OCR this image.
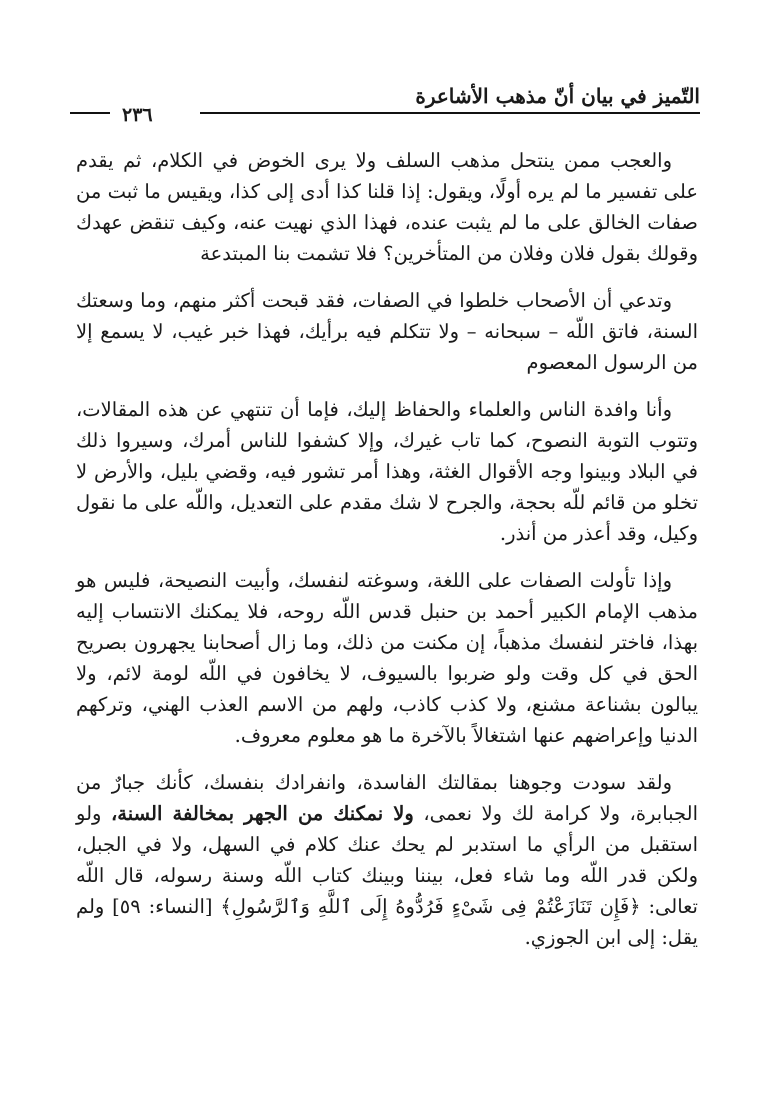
التّميز في بيان أنّ مذهب الأشاعرة
٢٣٦

والعجب ممن ينتحل مذهب السلف ولا يرى الخوض في الكلام، ثم يقدم على تفسير ما لم يره أولًا، ويقول: إذا قلنا كذا أدى إلى كذا، ويقيس ما ثبت من صفات الخالق على ما لم يثبت عنده، فهذا الذي نهيت عنه، وكيف تنقض عهدك وقولك بقول فلان وفلان من المتأخرين؟ فلا تشمت بنا المبتدعة

وتدعي أن الأصحاب خلطوا في الصفات، فقد قبحت أكثر منهم، وما وسعتك السنة، فاتق اللّه – سبحانه – ولا تتكلم فيه برأيك، فهذا خبر غيب، لا يسمع إلا من الرسول المعصوم

وأنا وافدة الناس والعلماء والحفاظ إليك، فإما أن تنتهي عن هذه المقالات، وتتوب التوبة النصوح، كما تاب غيرك، وإلا كشفوا للناس أمرك، وسيروا ذلك في البلاد وبينوا وجه الأقوال الغثة، وهذا أمر تشور فيه، وقضي بليل، والأرض لا تخلو من قائم للّه بحجة، والجرح لا شك مقدم على التعديل، واللّه على ما نقول وكيل، وقد أعذر من أنذر.

وإذا تأولت الصفات على اللغة، وسوغته لنفسك، وأبيت النصيحة، فليس هو مذهب الإمام الكبير أحمد بن حنبل قدس اللّه روحه، فلا يمكنك الانتساب إليه بهذا، فاختر لنفسك مذهباً، إن مكنت من ذلك، وما زال أصحابنا يجهرون بصريح الحق في كل وقت ولو ضربوا بالسيوف، لا يخافون في اللّه لومة لائم، ولا يبالون بشناعة مشنع، ولا كذب كاذب، ولهم من الاسم العذب الهني، وتركهم الدنيا وإعراضهم عنها اشتغالاً بالآخرة ما هو معلوم معروف.

ولقد سودت وجوهنا بمقالتك الفاسدة، وانفرادك بنفسك، كأنك جبارٌ من الجبابرة، ولا كرامة لك ولا نعمى، ولا نمكنك من الجهر بمخالفة السنة، ولو استقبل من الرأي ما استدبر لم يحك عنك كلام في السهل، ولا في الجبل، ولكن قدر اللّه وما شاء فعل، بيننا وبينك كتاب اللّه وسنة رسوله، قال اللّه تعالى: ﴿فَإِن تَنَازَعْتُمْ فِى شَىْءٍ فَرُدُّوهُ إِلَى ٱللَّهِ وَٱلرَّسُولِ﴾ [النساء: ٥٩] ولم يقل: إلى ابن الجوزي.
